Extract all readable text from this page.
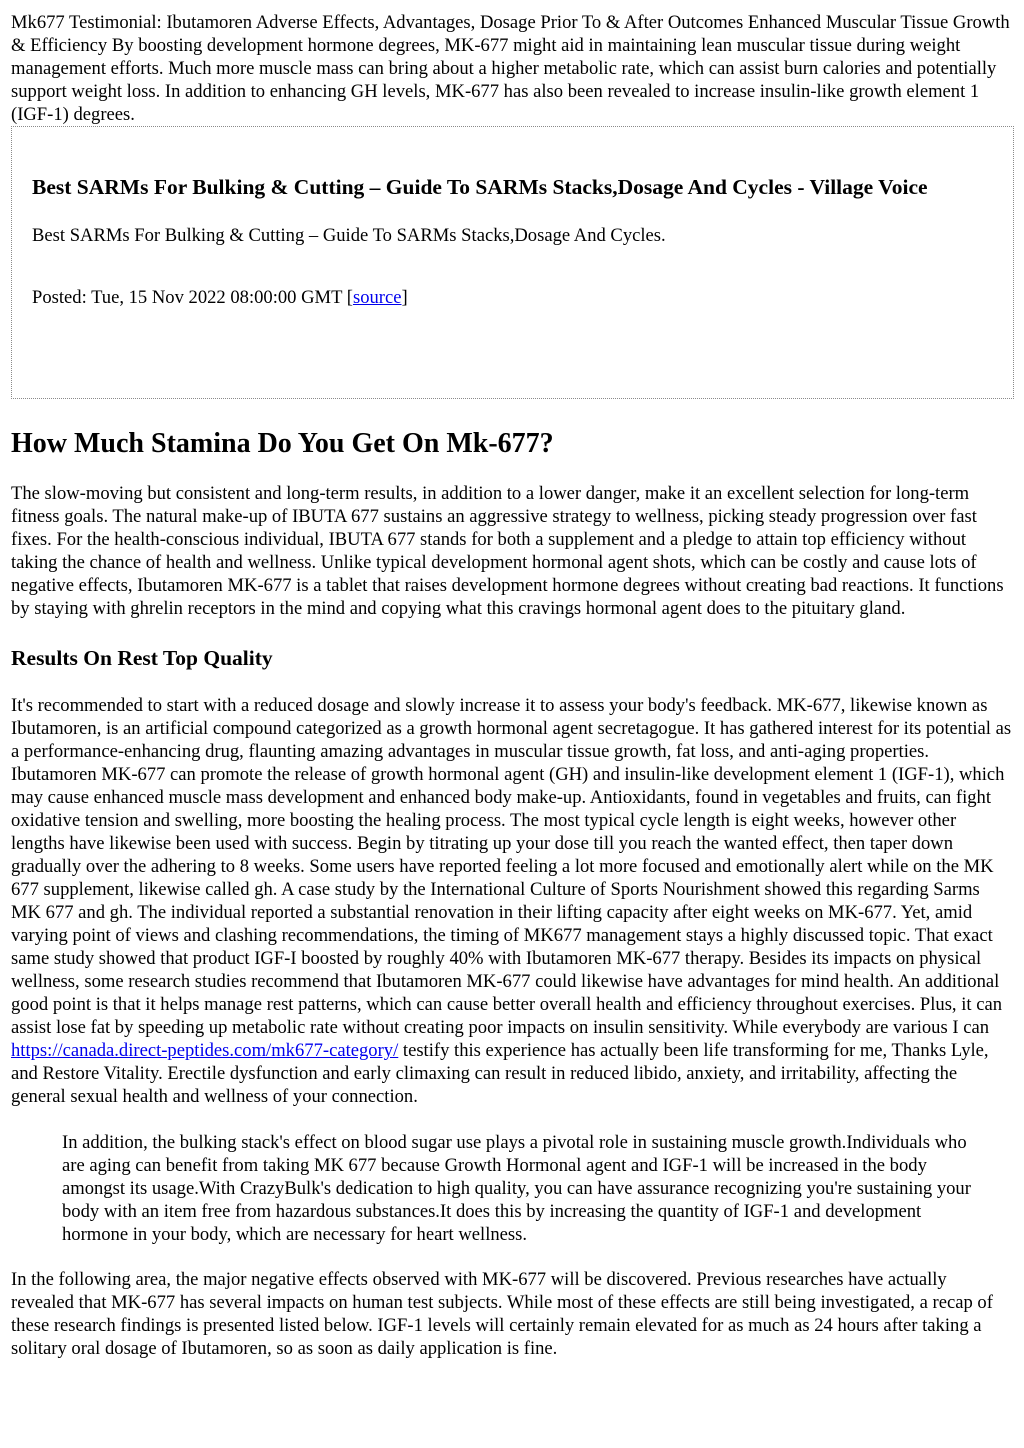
Mk677 Testimonial: Ibutamoren Adverse Effects, Advantages, Dosage Prior To & After Outcomes Enhanced Muscular Tissue Growth & Efficiency By boosting development hormone degrees, MK-677 might aid in maintaining lean muscular tissue during weight management efforts. Much more muscle mass can bring about a higher metabolic rate, which can assist burn calories and potentially support weight loss. In addition to enhancing GH levels, MK-677 has also been revealed to increase insulin-like growth element 1 (IGF-1) degrees.

Best SARMs For Bulking & Cutting – Guide To SARMs Stacks,Dosage And Cycles - Village Voice

Best SARMs For Bulking & Cutting – Guide To SARMs Stacks,Dosage And Cycles.

Posted: Tue, 15 Nov 2022 08:00:00 GMT [source]

How Much Stamina Do You Get On Mk-677?

The slow-moving but consistent and long-term results, in addition to a lower danger, make it an excellent selection for long-term fitness goals. The natural make-up of IBUTA 677 sustains an aggressive strategy to wellness, picking steady progression over fast fixes. For the health-conscious individual, IBUTA 677 stands for both a supplement and a pledge to attain top efficiency without taking the chance of health and wellness. Unlike typical development hormonal agent shots, which can be costly and cause lots of negative effects, Ibutamoren MK-677 is a tablet that raises development hormone degrees without creating bad reactions. It functions by staying with ghrelin receptors in the mind and copying what this cravings hormonal agent does to the pituitary gland.

Results On Rest Top Quality

It's recommended to start with a reduced dosage and slowly increase it to assess your body's feedback. MK-677, likewise known as Ibutamoren, is an artificial compound categorized as a growth hormonal agent secretagogue. It has gathered interest for its potential as a performance-enhancing drug, flaunting amazing advantages in muscular tissue growth, fat loss, and anti-aging properties. Ibutamoren MK-677 can promote the release of growth hormonal agent (GH) and insulin-like development element 1 (IGF-1), which may cause enhanced muscle mass development and enhanced body make-up. Antioxidants, found in vegetables and fruits, can fight oxidative tension and swelling, more boosting the healing process. The most typical cycle length is eight weeks, however other lengths have likewise been used with success. Begin by titrating up your dose till you reach the wanted effect, then taper down gradually over the adhering to 8 weeks. Some users have reported feeling a lot more focused and emotionally alert while on the MK 677 supplement, likewise called gh. A case study by the International Culture of Sports Nourishment showed this regarding Sarms MK 677 and gh. The individual reported a substantial renovation in their lifting capacity after eight weeks on MK-677. Yet, amid varying point of views and clashing recommendations, the timing of MK677 management stays a highly discussed topic. That exact same study showed that product IGF-I boosted by roughly 40% with Ibutamoren MK-677 therapy. Besides its impacts on physical wellness, some research studies recommend that Ibutamoren MK-677 could likewise have advantages for mind health. An additional good point is that it helps manage rest patterns, which can cause better overall health and efficiency throughout exercises. Plus, it can assist lose fat by speeding up metabolic rate without creating poor impacts on insulin sensitivity. While everybody are various I can https://canada.direct-peptides.com/mk677-category/ testify this experience has actually been life transforming for me, Thanks Lyle, and Restore Vitality. Erectile dysfunction and early climaxing can result in reduced libido, anxiety, and irritability, affecting the general sexual health and wellness of your connection.

In addition, the bulking stack's effect on blood sugar use plays a pivotal role in sustaining muscle growth.Individuals who are aging can benefit from taking MK 677 because Growth Hormonal agent and IGF-1 will be increased in the body amongst its usage.With CrazyBulk's dedication to high quality, you can have assurance recognizing you're sustaining your body with an item free from hazardous substances.It does this by increasing the quantity of IGF-1 and development hormone in your body, which are necessary for heart wellness.

In the following area, the major negative effects observed with MK-677 will be discovered. Previous researches have actually revealed that MK-677 has several impacts on human test subjects. While most of these effects are still being investigated, a recap of these research findings is presented listed below. IGF-1 levels will certainly remain elevated for as much as 24 hours after taking a solitary oral dosage of Ibutamoren, so as soon as daily application is fine.
